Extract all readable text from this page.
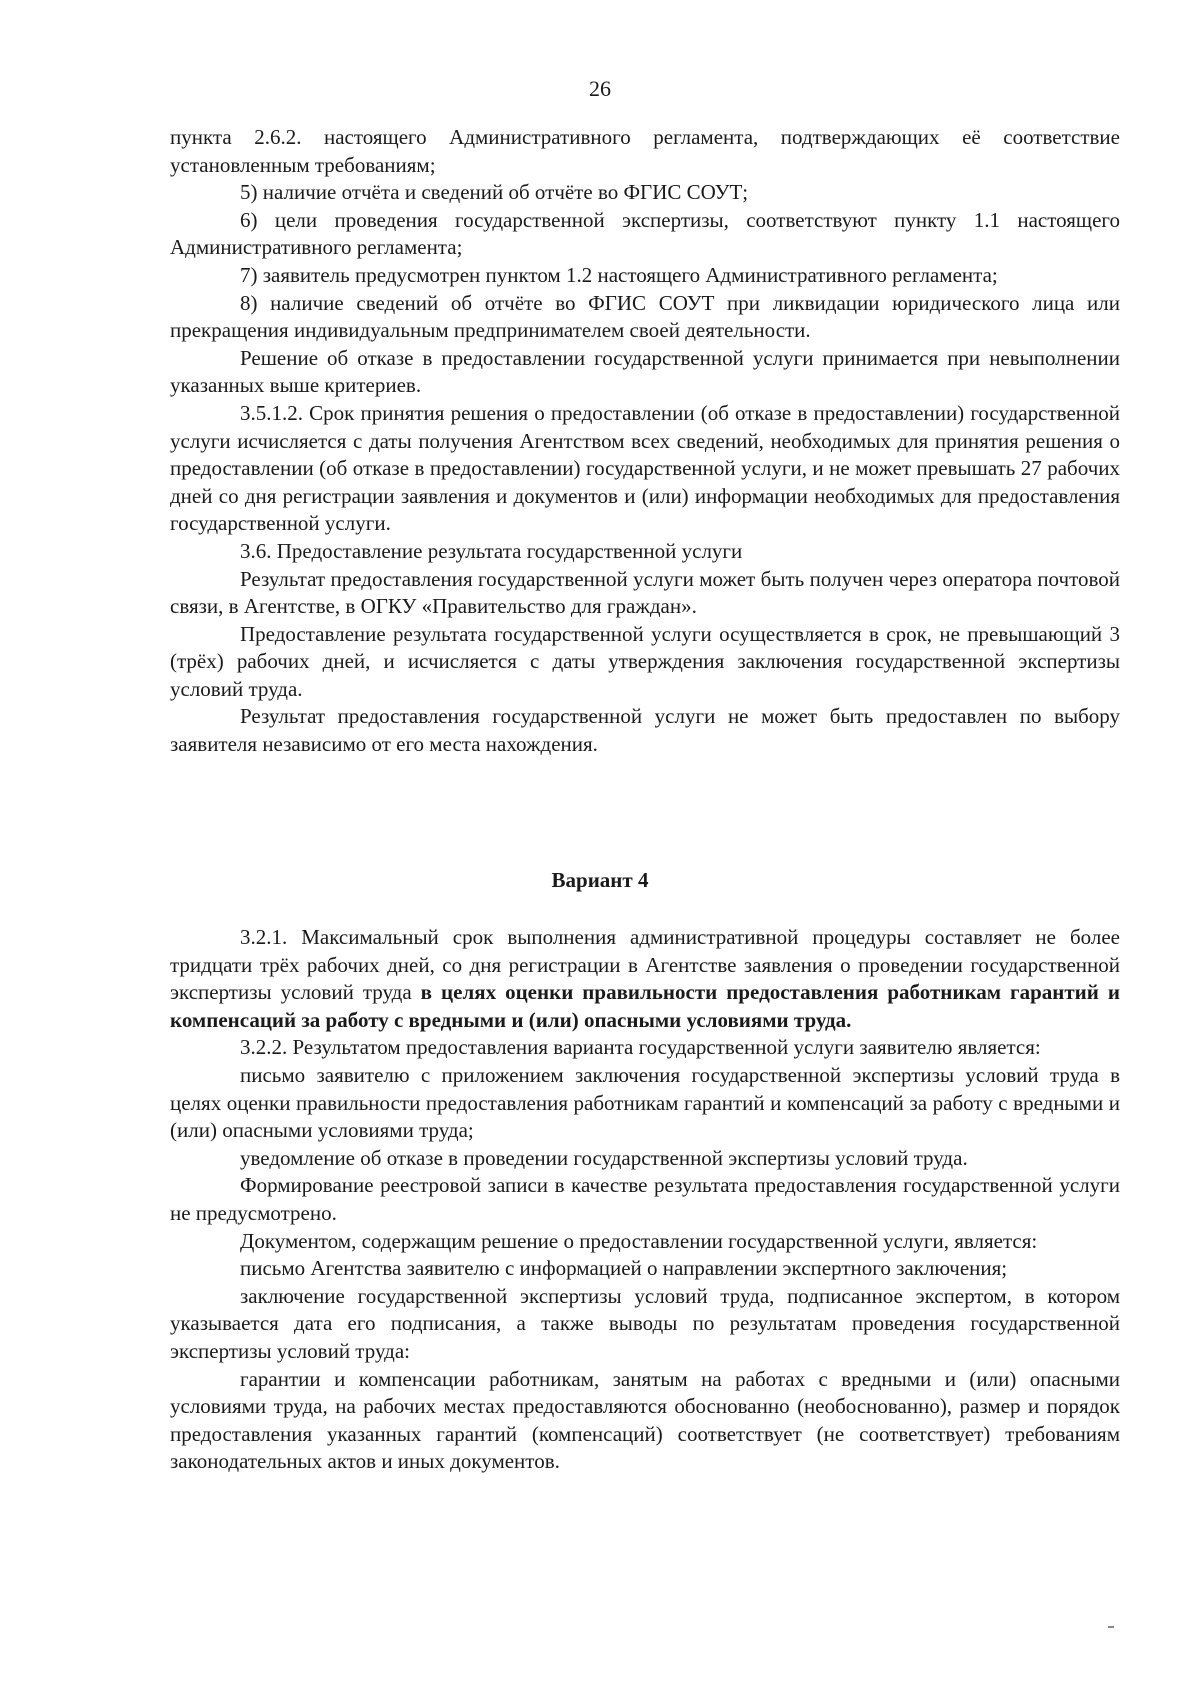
26

пункта 2.6.2. настоящего Административного регламента, подтверждающих её соответствие установленным требованиям;

5) наличие отчёта и сведений об отчёте во ФГИС СОУТ;

6) цели проведения государственной экспертизы, соответствуют пункту 1.1 настоящего Административного регламента;

7) заявитель предусмотрен пунктом 1.2 настоящего Административного регламента;

8) наличие сведений об отчёте во ФГИС СОУТ при ликвидации юридического лица или прекращения индивидуальным предпринимателем своей деятельности.

Решение об отказе в предоставлении государственной услуги принимается при невыполнении указанных выше критериев.

3.5.1.2. Срок принятия решения о предоставлении (об отказе в предоставлении) государственной услуги исчисляется с даты получения Агентством всех сведений, необходимых для принятия решения о предоставлении (об отказе в предоставлении) государственной услуги, и не может превышать 27 рабочих дней со дня регистрации заявления и документов и (или) информации необходимых для предоставления государственной услуги.

3.6. Предоставление результата государственной услуги

Результат предоставления государственной услуги может быть получен через оператора почтовой связи, в Агентстве, в ОГКУ «Правительство для граждан».

Предоставление результата государственной услуги осуществляется в срок, не превышающий 3 (трёх) рабочих дней, и исчисляется с даты утверждения заключения государственной экспертизы условий труда.

Результат предоставления государственной услуги не может быть предоставлен по выбору заявителя независимо от его места нахождения.

Вариант 4

3.2.1. Максимальный срок выполнения административной процедуры составляет не более тридцати трёх рабочих дней, со дня регистрации в Агентстве заявления о проведении государственной экспертизы условий труда в целях оценки правильности предоставления работникам гарантий и компенсаций за работу с вредными и (или) опасными условиями труда.

3.2.2. Результатом предоставления варианта государственной услуги заявителю является:

письмо заявителю с приложением заключения государственной экспертизы условий труда в целях оценки правильности предоставления работникам гарантий и компенсаций за работу с вредными и (или) опасными условиями труда;

уведомление об отказе в проведении государственной экспертизы условий труда.

Формирование реестровой записи в качестве результата предоставления государственной услуги не предусмотрено.

Документом, содержащим решение о предоставлении государственной услуги, является:

письмо Агентства заявителю с информацией о направлении экспертного заключения;

заключение государственной экспертизы условий труда, подписанное экспертом, в котором указывается дата его подписания, а также выводы по результатам проведения государственной экспертизы условий труда:

гарантии и компенсации работникам, занятым на работах с вредными и (или) опасными условиями труда, на рабочих местах предоставляются обоснованно (необоснованно), размер и порядок предоставления указанных гарантий (компенсаций) соответствует (не соответствует) требованиям законодательных актов и иных документов.
